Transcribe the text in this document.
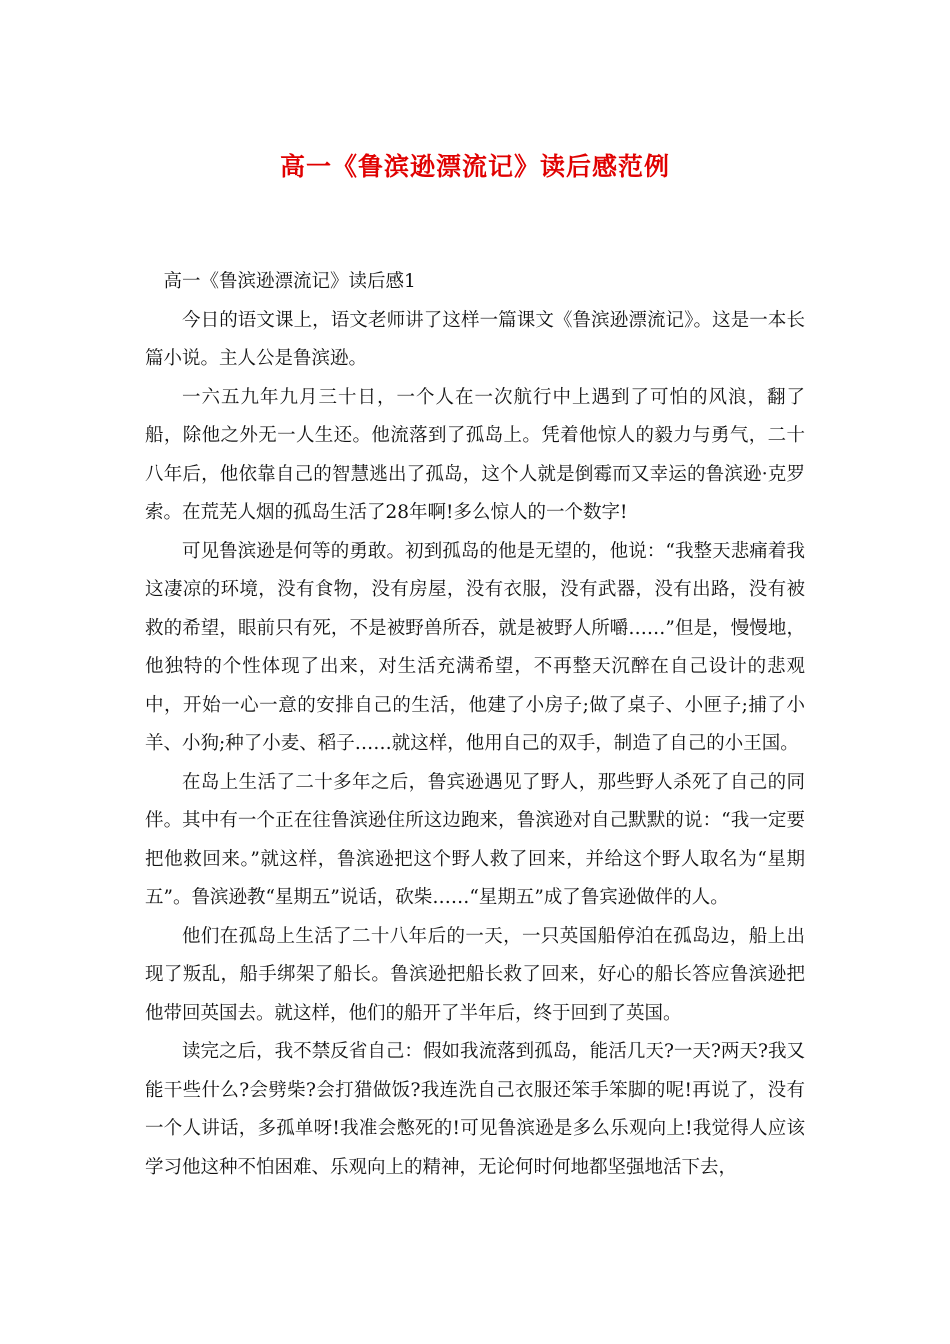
高一《鲁滨逊漂流记》读后感范例

高一《鲁滨逊漂流记》读后感1

今日的语文课上，语文老师讲了这样一篇课文《鲁滨逊漂流记》。这是一本长篇小说。主人公是鲁滨逊。

一六五九年九月三十日，一个人在一次航行中上遇到了可怕的风浪，翻了船，除他之外无一人生还。他流落到了孤岛上。凭着他惊人的毅力与勇气，二十八年后，他依靠自己的智慧逃出了孤岛，这个人就是倒霉而又幸运的鲁滨逊·克罗索。在荒芜人烟的孤岛生活了28年啊!多么惊人的一个数字!

可见鲁滨逊是何等的勇敢。初到孤岛的他是无望的，他说：“我整天悲痛着我这凄凉的环境，没有食物，没有房屋，没有衣服，没有武器，没有出路，没有被救的希望，眼前只有死，不是被野兽所吞，就是被野人所嚼……”但是，慢慢地，他独特的个性体现了出来，对生活充满希望，不再整天沉醉在自己设计的悲观中，开始一心一意的安排自己的生活，他建了小房子;做了桌子、小匣子;捕了小羊、小狗;种了小麦、稻子……就这样，他用自己的双手，制造了自己的小王国。

在岛上生活了二十多年之后，鲁宾逊遇见了野人，那些野人杀死了自己的同伴。其中有一个正在往鲁滨逊住所这边跑来，鲁滨逊对自己默默的说：“我一定要把他救回来。”就这样，鲁滨逊把这个野人救了回来，并给这个野人取名为“星期五”。鲁滨逊教“星期五”说话，砍柴……“星期五”成了鲁宾逊做伴的人。

他们在孤岛上生活了二十八年后的一天，一只英国船停泊在孤岛边，船上出现了叛乱，船手绑架了船长。鲁滨逊把船长救了回来，好心的船长答应鲁滨逊把他带回英国去。就这样，他们的船开了半年后，终于回到了英国。

读完之后，我不禁反省自己：假如我流落到孤岛，能活几天?一天?两天?我又能干些什么?会劈柴?会打猎做饭?我连洗自己衣服还笨手笨脚的呢!再说了，没有一个人讲话，多孤单呀!我准会憋死的!可见鲁滨逊是多么乐观向上!我觉得人应该学习他这种不怕困难、乐观向上的精神，无论何时何地都坚强地活下去，
